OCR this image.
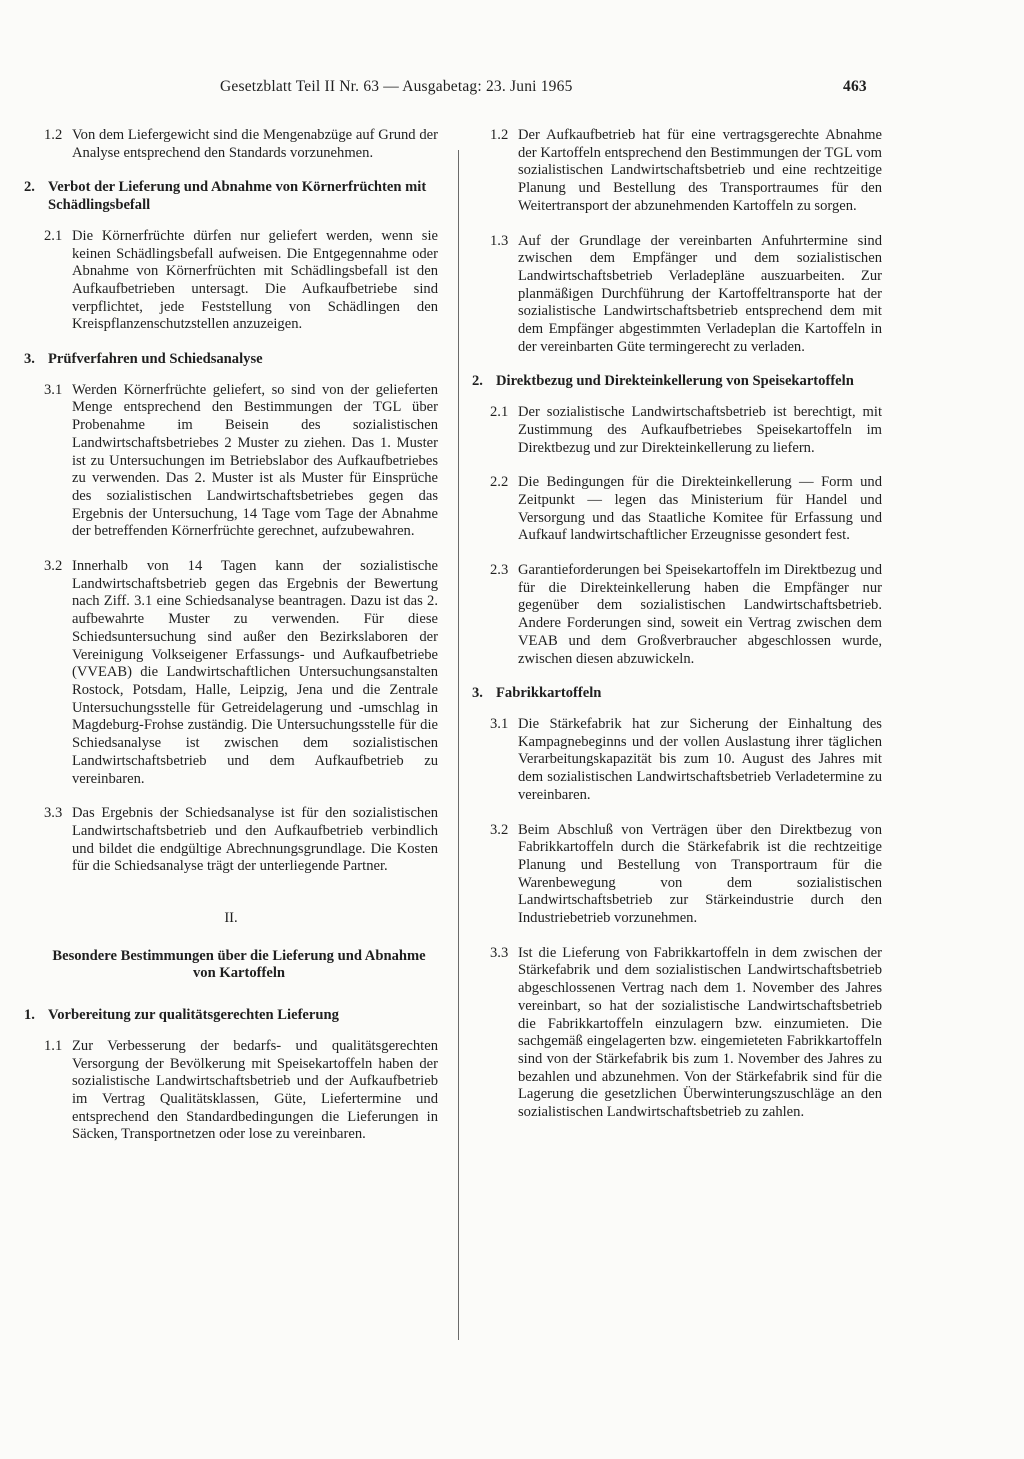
Gesetzblatt Teil II Nr. 63 — Ausgabetag: 23. Juni 1965	463
1.2 Von dem Liefergewicht sind die Mengenabzüge auf Grund der Analyse entsprechend den Standards vorzunehmen.
2. Verbot der Lieferung und Abnahme von Körnerfrüchten mit Schädlingsbefall
2.1 Die Körnerfrüchte dürfen nur geliefert werden, wenn sie keinen Schädlingsbefall aufweisen. Die Entgegennahme oder Abnahme von Körnerfrüchten mit Schädlingsbefall ist den Aufkaufbetrieben untersagt. Die Aufkaufbetriebe sind verpflichtet, jede Feststellung von Schädlingen den Kreispflanzenschutzstellen anzuzeigen.
3. Prüfverfahren und Schiedsanalyse
3.1 Werden Körnerfrüchte geliefert, so sind von der gelieferten Menge entsprechend den Bestimmungen der TGL über Probenahme im Beisein des sozialistischen Landwirtschaftsbetriebes 2 Muster zu ziehen. Das 1. Muster ist zu Untersuchungen im Betriebslabor des Aufkaufbetriebes zu verwenden. Das 2. Muster ist als Muster für Einsprüche des sozialistischen Landwirtschaftsbetriebes gegen das Ergebnis der Untersuchung, 14 Tage vom Tage der Abnahme der betreffenden Körnerfrüchte gerechnet, aufzubewahren.
3.2 Innerhalb von 14 Tagen kann der sozialistische Landwirtschaftsbetrieb gegen das Ergebnis der Bewertung nach Ziff. 3.1 eine Schiedsanalyse beantragen. Dazu ist das 2. aufbewahrte Muster zu verwenden. Für diese Schiedsuntersuchung sind außer den Bezirkslaboren der Vereinigung Volkseigener Erfassungs- und Aufkaufbetriebe (VVEAB) die Landwirtschaftlichen Untersuchungsanstalten Rostock, Potsdam, Halle, Leipzig, Jena und die Zentrale Untersuchungsstelle für Getreidelagerung und -umschlag in Magdeburg-Frohse zuständig. Die Untersuchungsstelle für die Schiedsanalyse ist zwischen dem sozialistischen Landwirtschaftsbetrieb und dem Aufkaufbetrieb zu vereinbaren.
3.3 Das Ergebnis der Schiedsanalyse ist für den sozialistischen Landwirtschaftsbetrieb und den Aufkaufbetrieb verbindlich und bildet die endgültige Abrechnungsgrundlage. Die Kosten für die Schiedsanalyse trägt der unterliegende Partner.
II.
Besondere Bestimmungen über die Lieferung und Abnahme von Kartoffeln
1. Vorbereitung zur qualitätsgerechten Lieferung
1.1 Zur Verbesserung der bedarfs- und qualitätsgerechten Versorgung der Bevölkerung mit Speisekartoffeln haben der sozialistische Landwirtschaftsbetrieb und der Aufkaufbetrieb im Vertrag Qualitätsklassen, Güte, Liefertermine und entsprechend den Standardbedingungen die Lieferungen in Säcken, Transportnetzen oder lose zu vereinbaren.
1.2 Der Aufkaufbetrieb hat für eine vertragsgerechte Abnahme der Kartoffeln entsprechend den Bestimmungen der TGL vom sozialistischen Landwirtschaftsbetrieb und eine rechtzeitige Planung und Bestellung des Transportraumes für den Weitertransport der abzunehmenden Kartoffeln zu sorgen.
1.3 Auf der Grundlage der vereinbarten Anfuhrtermine sind zwischen dem Empfänger und dem sozialistischen Landwirtschaftsbetrieb Verladepläne auszuarbeiten. Zur planmäßigen Durchführung der Kartoffeltransporte hat der sozialistische Landwirtschaftsbetrieb entsprechend dem mit dem Empfänger abgestimmten Verladeplan die Kartoffeln in der vereinbarten Güte termingerecht zu verladen.
2. Direktbezug und Direkteinkellerung von Speisekartoffeln
2.1 Der sozialistische Landwirtschaftsbetrieb ist berechtigt, mit Zustimmung des Aufkaufbetriebes Speisekartoffeln im Direktbezug und zur Direkteinkellerung zu liefern.
2.2 Die Bedingungen für die Direkteinkellerung — Form und Zeitpunkt — legen das Ministerium für Handel und Versorgung und das Staatliche Komitee für Erfassung und Aufkauf landwirtschaftlicher Erzeugnisse gesondert fest.
2.3 Garantieforderungen bei Speisekartoffeln im Direktbezug und für die Direkteinkellerung haben die Empfänger nur gegenüber dem sozialistischen Landwirtschaftsbetrieb. Andere Forderungen sind, soweit ein Vertrag zwischen dem VEAB und dem Großverbraucher abgeschlossen wurde, zwischen diesen abzuwickeln.
3. Fabrikkartoffeln
3.1 Die Stärkefabrik hat zur Sicherung der Einhaltung des Kampagnebeginns und der vollen Auslastung ihrer täglichen Verarbeitungskapazität bis zum 10. August des Jahres mit dem sozialistischen Landwirtschaftsbetrieb Verladetermine zu vereinbaren.
3.2 Beim Abschluß von Verträgen über den Direktbezug von Fabrikkartoffeln durch die Stärkefabrik ist die rechtzeitige Planung und Bestellung von Transportraum für die Warenbewegung von dem sozialistischen Landwirtschaftsbetrieb zur Stärkeindustrie durch den Industriebetrieb vorzunehmen.
3.3 Ist die Lieferung von Fabrikkartoffeln in dem zwischen der Stärkefabrik und dem sozialistischen Landwirtschaftsbetrieb abgeschlossenen Vertrag nach dem 1. November des Jahres vereinbart, so hat der sozialistische Landwirtschaftsbetrieb die Fabrikkartoffeln einzulagern bzw. einzumieten. Die sachgemäß eingelagerten bzw. eingemieteten Fabrikkartoffeln sind von der Stärkefabrik bis zum 1. November des Jahres zu bezahlen und abzunehmen. Von der Stärkefabrik sind für die Lagerung die gesetzlichen Überwinterungszuschläge an den sozialistischen Landwirtschaftsbetrieb zu zahlen.
